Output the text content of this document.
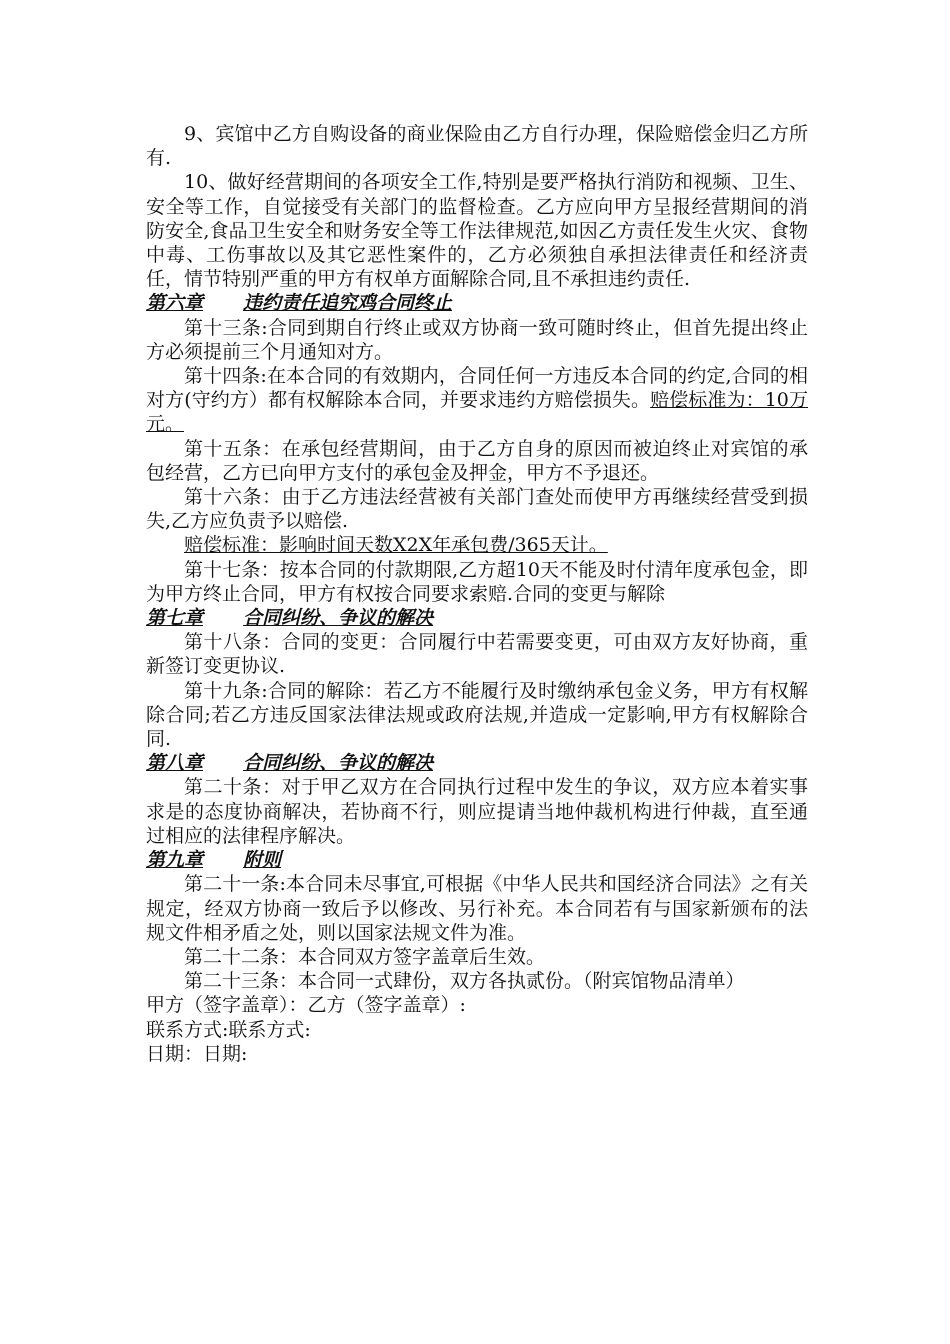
9、宾馆中乙方自购设备的商业保险由乙方自行办理，保险赔偿金归乙方所有.

10、做好经营期间的各项安全工作,特别是要严格执行消防和视频、卫生、安全等工作，自觉接受有关部门的监督检查。乙方应向甲方呈报经营期间的消防安全,食品卫生安全和财务安全等工作法律规范,如因乙方责任发生火灾、食物中毒、工伤事故以及其它恶性案件的，乙方必须独自承担法律责任和经济责任，情节特别严重的甲方有权单方面解除合同,且不承担违约责任.

第六章 违约责任追究鸡合同终止

第十三条:合同到期自行终止或双方协商一致可随时终止，但首先提出终止方必须提前三个月通知对方。

第十四条:在本合同的有效期内，合同任何一方违反本合同的约定,合同的相对方(守约方）都有权解除本合同，并要求违约方赔偿损失。赔偿标准为：10万元。

第十五条：在承包经营期间，由于乙方自身的原因而被迫终止对宾馆的承包经营，乙方已向甲方支付的承包金及押金，甲方不予退还。

第十六条：由于乙方违法经营被有关部门查处而使甲方再继续经营受到损失,乙方应负责予以赔偿.

赔偿标准：影响时间天数X2X年承包费/365天计。

第十七条：按本合同的付款期限,乙方超10天不能及时付清年度承包金，即为甲方终止合同，甲方有权按合同要求索赔.合同的变更与解除

第七章 合同纠纷、争议的解决

第十八条：合同的变更：合同履行中若需要变更，可由双方友好协商，重新签订变更协议.

第十九条:合同的解除：若乙方不能履行及时缴纳承包金义务，甲方有权解除合同;若乙方违反国家法律法规或政府法规,并造成一定影响,甲方有权解除合同.

第八章 合同纠纷、争议的解决

第二十条：对于甲乙双方在合同执行过程中发生的争议，双方应本着实事求是的态度协商解决，若协商不行，则应提请当地仲裁机构进行仲裁，直至通过相应的法律程序解决。

第九章 附则

第二十一条:本合同未尽事宜,可根据《中华人民共和国经济合同法》之有关规定，经双方协商一致后予以修改、另行补充。本合同若有与国家新颁布的法规文件相矛盾之处，则以国家法规文件为准。

第二十二条：本合同双方签字盖章后生效。

第二十三条：本合同一式肆份，双方各执贰份。（附宾馆物品清单）

甲方（签字盖章）：乙方（签字盖章）:

联系方式:联系方式:

日期：日期:
